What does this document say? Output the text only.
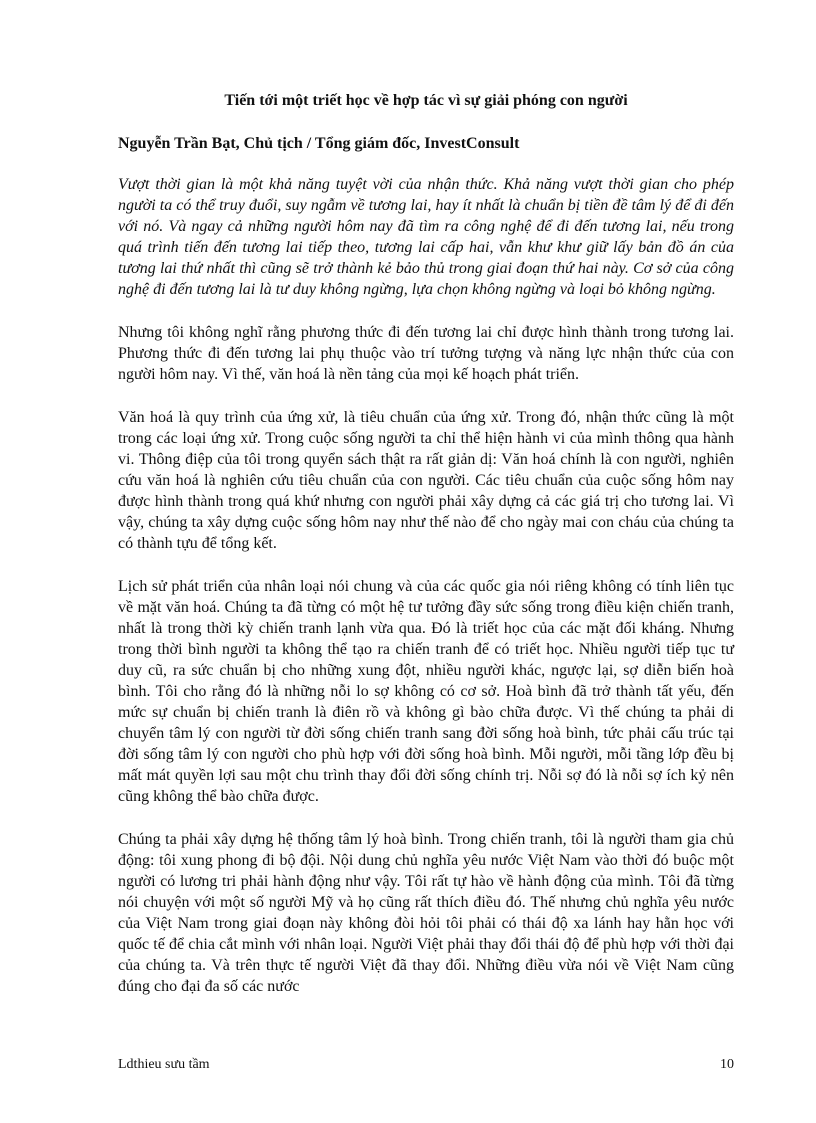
Tiến tới một triết học về hợp tác vì sự giải phóng con người
Nguyễn Trần Bạt, Chủ tịch / Tổng giám đốc, InvestConsult

Vượt thời gian là một khả năng tuyệt vời của nhận thức. Khả năng vượt thời gian cho phép người ta có thể truy đuổi, suy ngẫm về tương lai, hay ít nhất là chuẩn bị tiền đề tâm lý để đi đến với nó. Và ngay cả những người hôm nay đã tìm ra công nghệ để đi đến tương lai, nếu trong quá trình tiến đến tương lai tiếp theo, tương lai cấp hai, vẫn khư khư giữ lấy bản đồ án của tương lai thứ nhất thì cũng sẽ trở thành kẻ bảo thủ trong giai đoạn thứ hai này. Cơ sở của công nghệ đi đến tương lai là tư duy không ngừng, lựa chọn không ngừng và loại bỏ không ngừng.

Nhưng tôi không nghĩ rằng phương thức đi đến tương lai chỉ được hình thành trong tương lai. Phương thức đi đến tương lai phụ thuộc vào trí tưởng tượng và năng lực nhận thức của con người hôm nay. Vì thế, văn hoá là nền tảng của mọi kế hoạch phát triển.

Văn hoá là quy trình của ứng xử, là tiêu chuẩn của ứng xử. Trong đó, nhận thức cũng là một trong các loại ứng xử. Trong cuộc sống người ta chỉ thể hiện hành vi của mình thông qua hành vi. Thông điệp của tôi trong quyển sách thật ra rất giản dị: Văn hoá chính là con người, nghiên cứu văn hoá là nghiên cứu tiêu chuẩn của con người. Các tiêu chuẩn của cuộc sống hôm nay được hình thành trong quá khứ nhưng con người phải xây dựng cả các giá trị cho tương lai. Vì vậy, chúng ta xây dựng cuộc sống hôm nay như thế nào để cho ngày mai con cháu của chúng ta có thành tựu để tổng kết.

Lịch sử phát triển của nhân loại nói chung và của các quốc gia nói riêng không có tính liên tục về mặt văn hoá. Chúng ta đã từng có một hệ tư tưởng đầy sức sống trong điều kiện chiến tranh, nhất là trong thời kỳ chiến tranh lạnh vừa qua. Đó là triết học của các mặt đối kháng. Nhưng trong thời bình người ta không thể tạo ra chiến tranh để có triết học. Nhiều người tiếp tục tư duy cũ, ra sức chuẩn bị cho những xung đột, nhiều người khác, ngược lại, sợ diễn biến hoà bình. Tôi cho rằng đó là những nỗi lo sợ không có cơ sở. Hoà bình đã trở thành tất yếu, đến mức sự chuẩn bị chiến tranh là điên rồ và không gì bào chữa được. Vì thế chúng ta phải di chuyển tâm lý con người từ đời sống chiến tranh sang đời sống hoà bình, tức phải cấu trúc tại đời sống tâm lý con người cho phù hợp với đời sống hoà bình. Mỗi người, mỗi tầng lớp đều bị mất mát quyền lợi sau một chu trình thay đổi đời sống chính trị. Nỗi sợ đó là nỗi sợ ích kỷ nên cũng không thể bào chữa được.

Chúng ta phải xây dựng hệ thống tâm lý hoà bình. Trong chiến tranh, tôi là người tham gia chủ động: tôi xung phong đi bộ đội. Nội dung chủ nghĩa yêu nước Việt Nam vào thời đó buộc một người có lương tri phải hành động như vậy. Tôi rất tự hào về hành động của mình. Tôi đã từng nói chuyện với một số người Mỹ và họ cũng rất thích điều đó. Thế nhưng chủ nghĩa yêu nước của Việt Nam trong giai đoạn này không đòi hỏi tôi phải có thái độ xa lánh hay hằn học với quốc tế để chia cắt mình với nhân loại. Người Việt phải thay đổi thái độ để phù hợp với thời đại của chúng ta. Và trên thực tế người Việt đã thay đổi. Những điều vừa nói về Việt Nam cũng đúng cho đại đa số các nước

Ldthieu sưu tầm	10
